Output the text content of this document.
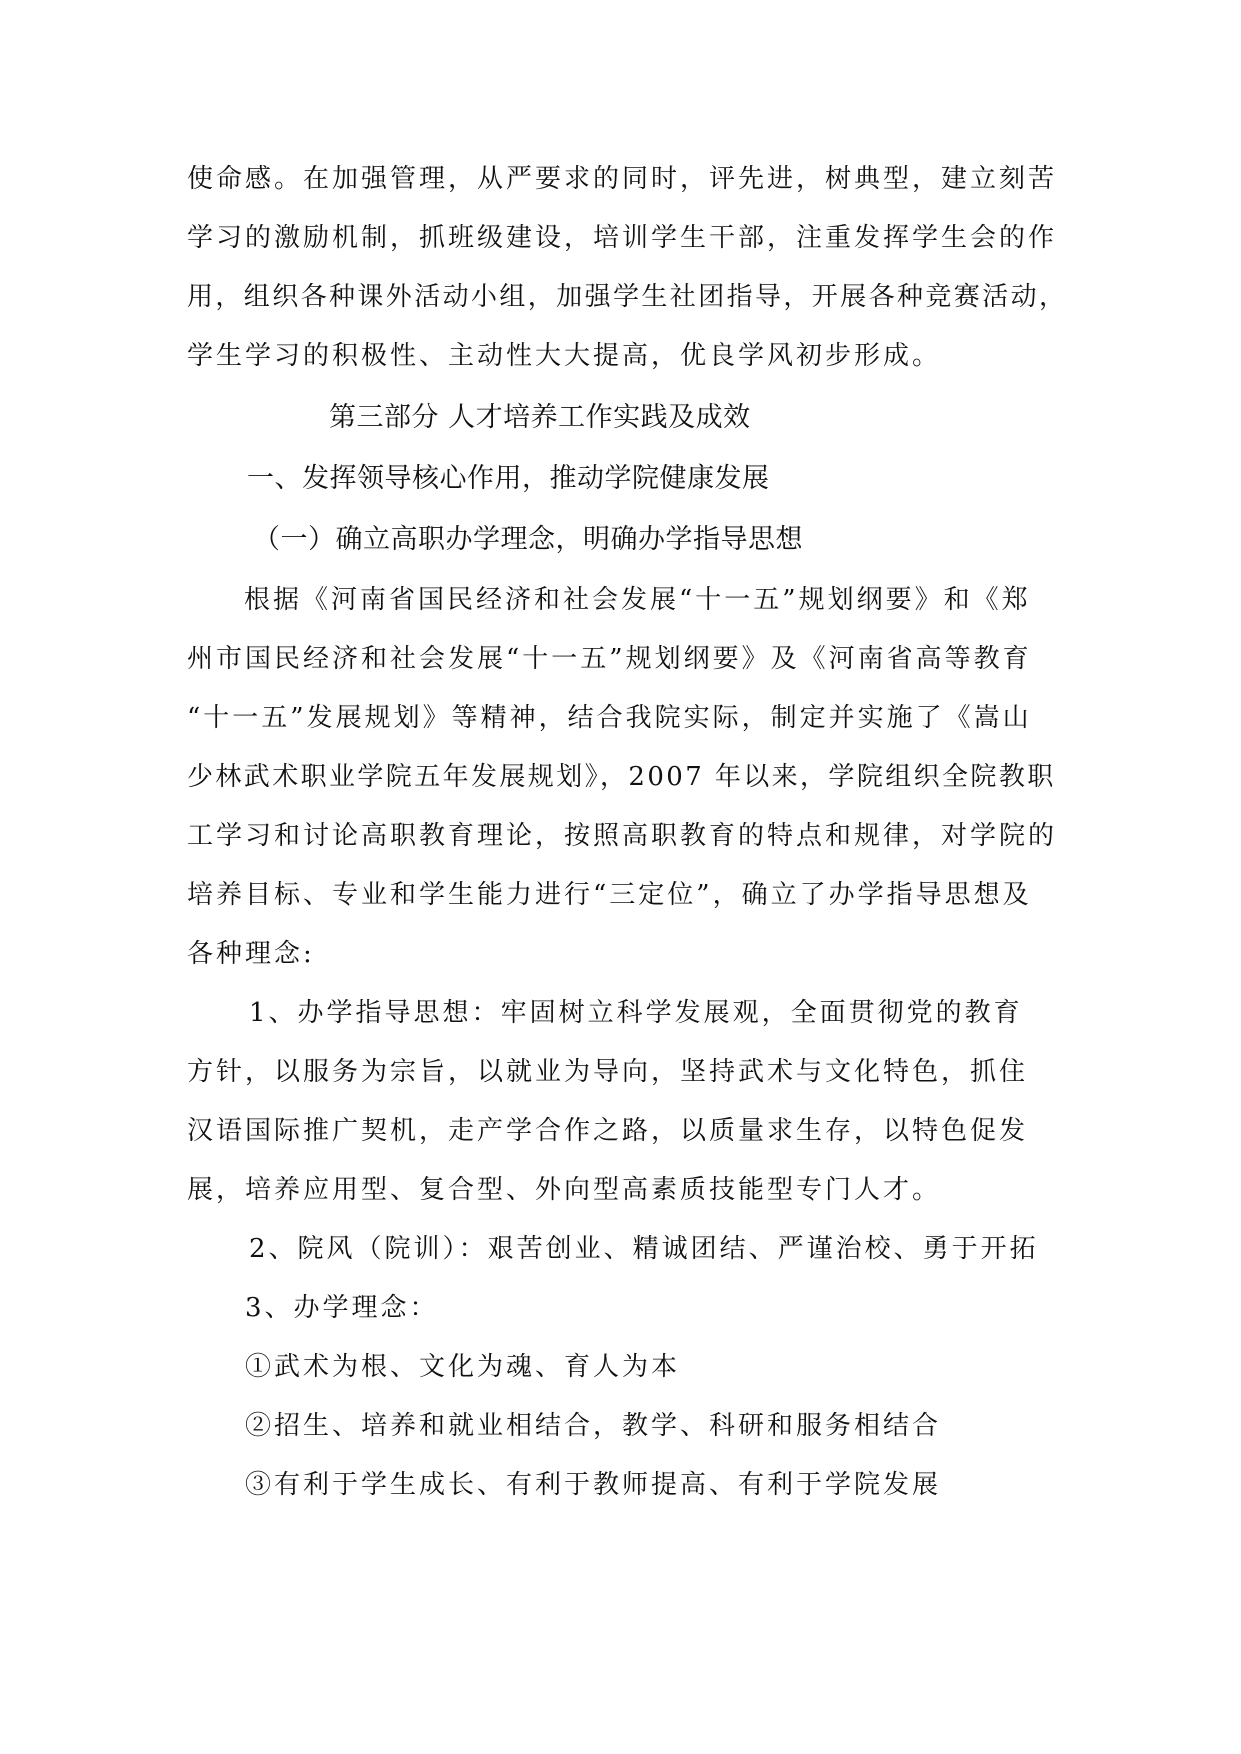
使命感。在加强管理，从严要求的同时，评先进，树典型，建立刻苦
学习的激励机制，抓班级建设，培训学生干部，注重发挥学生会的作
用，组织各种课外活动小组，加强学生社团指导，开展各种竞赛活动，
学生学习的积极性、主动性大大提高，优良学风初步形成。
第三部分 人才培养工作实践及成效
一、发挥领导核心作用，推动学院健康发展
（一）确立高职办学理念，明确办学指导思想
根据《河南省国民经济和社会发展“十一五”规划纲要》和《郑
州市国民经济和社会发展“十一五”规划纲要》及《河南省高等教育
“十一五”发展规划》等精神，结合我院实际，制定并实施了《嵩山
少林武术职业学院五年发展规划》，2007 年以来，学院组织全院教职
工学习和讨论高职教育理论，按照高职教育的特点和规律，对学院的
培养目标、专业和学生能力进行“三定位”，确立了办学指导思想及
各种理念:
1、办学指导思想：牢固树立科学发展观，全面贯彻党的教育
方针，以服务为宗旨，以就业为导向，坚持武术与文化特色，抓住
汉语国际推广契机，走产学合作之路，以质量求生存，以特色促发
展，培养应用型、复合型、外向型高素质技能型专门人才。
2、院风（院训）：艰苦创业、精诚团结、严谨治校、勇于开拓
3、办学理念：
①武术为根、文化为魂、育人为本
②招生、培养和就业相结合，教学、科研和服务相结合
③有利于学生成长、有利于教师提高、有利于学院发展
